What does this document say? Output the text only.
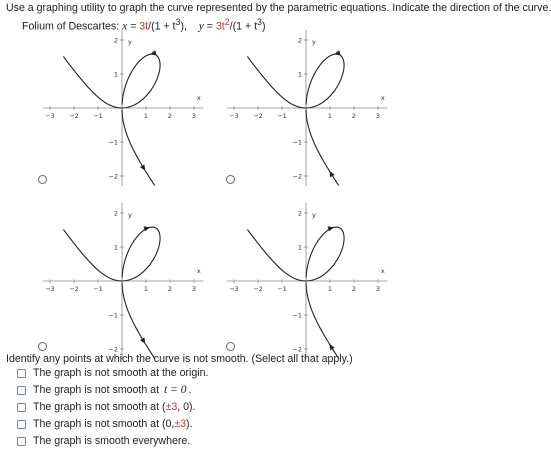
Use a graphing utility to graph the curve represented by the parametric equations. Indicate the direction of the curve.
Folium of Descartes: $x = 3t/(1 + t^3)$, $y = 3t^2/(1 + t^3)$
−3 −2 −1	1	2	3
2
1
−1
−2
x
y
−3 −2 −1	1	2	3
2
1
−1
−2
x
y
−3 −2 −1	1	2	3
2
1
−1
−2
x
y
−3 −2 −1	1	2	3
2
1
−1
−2
x
y
Identify any points at which the curve is not smooth. (Select all that apply.)
The graph is not smooth at the origin.
The graph is not smooth at
t = 0 .
The graph is not smooth at ( ±3 , 0).
The graph is not smooth at (0, ±3 ).
The graph is smooth everywhere.
